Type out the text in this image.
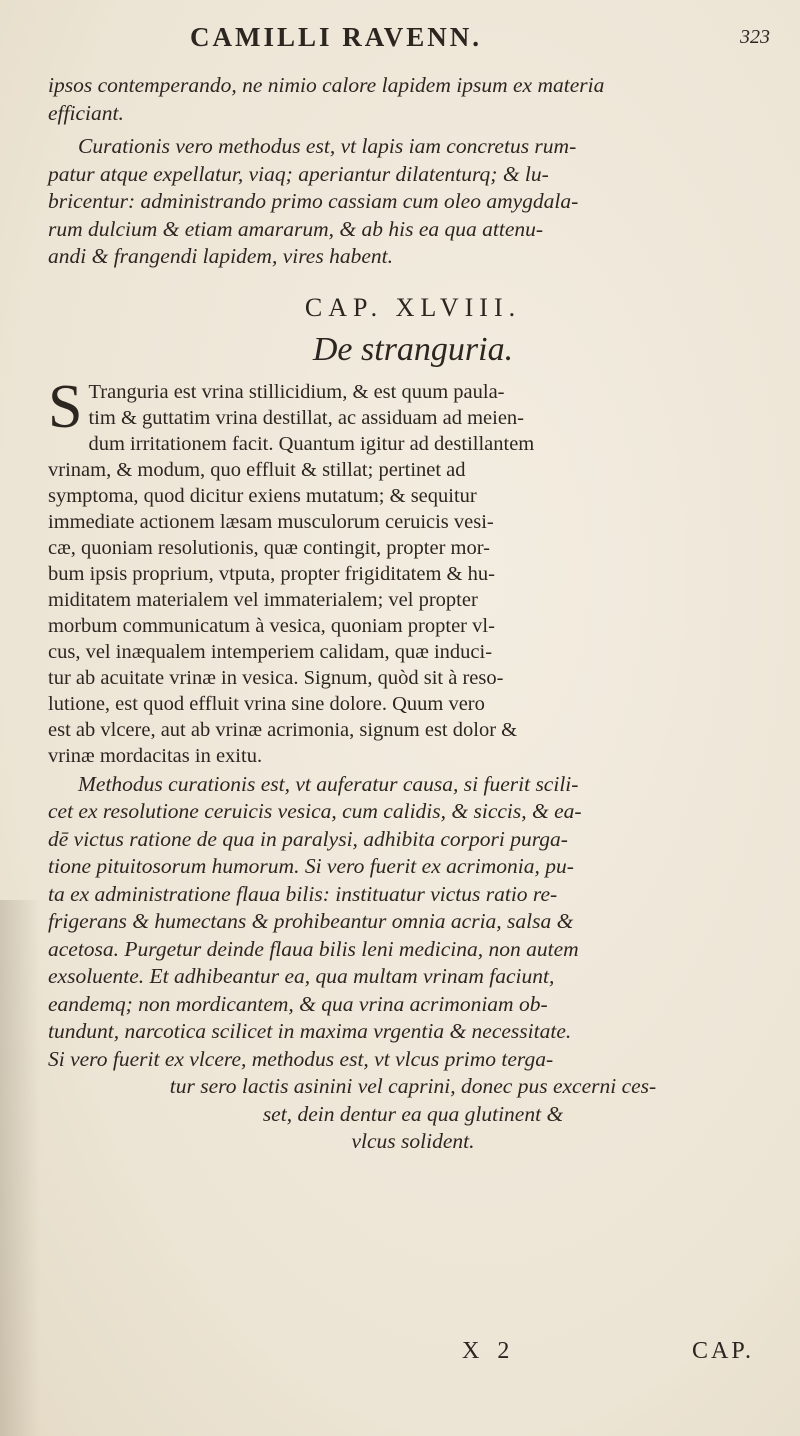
CAMILLI RAVENN.	323

ipsos contemperando, ne nimio calore lapidem ipsum ex materia

efficiant.

Curationis vero methodus est, vt lapis iam concretus rum-

patur atque expellatur, viaq; aperiantur dilatenturq; & lu-

bricentur: administrando primo cassiam cum oleo amygdala-

rum dulcium & etiam amararum, & ab his ea qua attenu-

andi & frangendi lapidem, vires habent.

CAP. XLVIII.
De stranguria.
S Tranguria est vrina stillicidium, & est quum paula-

tim & guttatim vrina destillat, ac assiduam ad meien-

dum irritationem facit. Quantum igitur ad destillantem

vrinam, & modum, quo effluit & stillat; pertinet ad

symptoma, quod dicitur exiens mutatum; & sequitur

immediate actionem læsam musculorum ceruicis vesi-

cæ, quoniam resolutionis, quæ contingit, propter mor-

bum ipsis proprium, vtputa, propter frigiditatem & hu-

miditatem materialem vel immaterialem; vel propter

morbum communicatum à vesica, quoniam propter vl-

cus, vel inæqualem intemperiem calidam, quæ induci-

tur ab acuitate vrinæ in vesica. Signum, quòd sit à reso-

lutione, est quod effluit vrina sine dolore. Quum vero

est ab vlcere, aut ab vrinæ acrimonia, signum est dolor &

vrinæ mordacitas in exitu.

Methodus curationis est, vt auferatur causa, si fuerit scili-

cet ex resolutione ceruicis vesica, cum calidis, & siccis, & ea-

dē victus ratione de qua in paralysi, adhibita corpori purga-

tione pituitosorum humorum. Si vero fuerit ex acrimonia, pu-

ta ex administratione flaua bilis: instituatur victus ratio re-

frigerans & humectans & prohibeantur omnia acria, salsa &

acetosa. Purgetur deinde flaua bilis leni medicina, non autem

exsoluente. Et adhibeantur ea, qua multam vrinam faciunt,

eandemq; non mordicantem, & qua vrina acrimoniam ob-

tundunt, narcotica scilicet in maxima vrgentia & necessitate.

Si vero fuerit ex vlcere, methodus est, vt vlcus primo terga-

tur sero lactis asinini vel caprini, donec pus excerni ces-

set, dein dentur ea qua glutinent &

vlcus solident.

X 2	CAP.
